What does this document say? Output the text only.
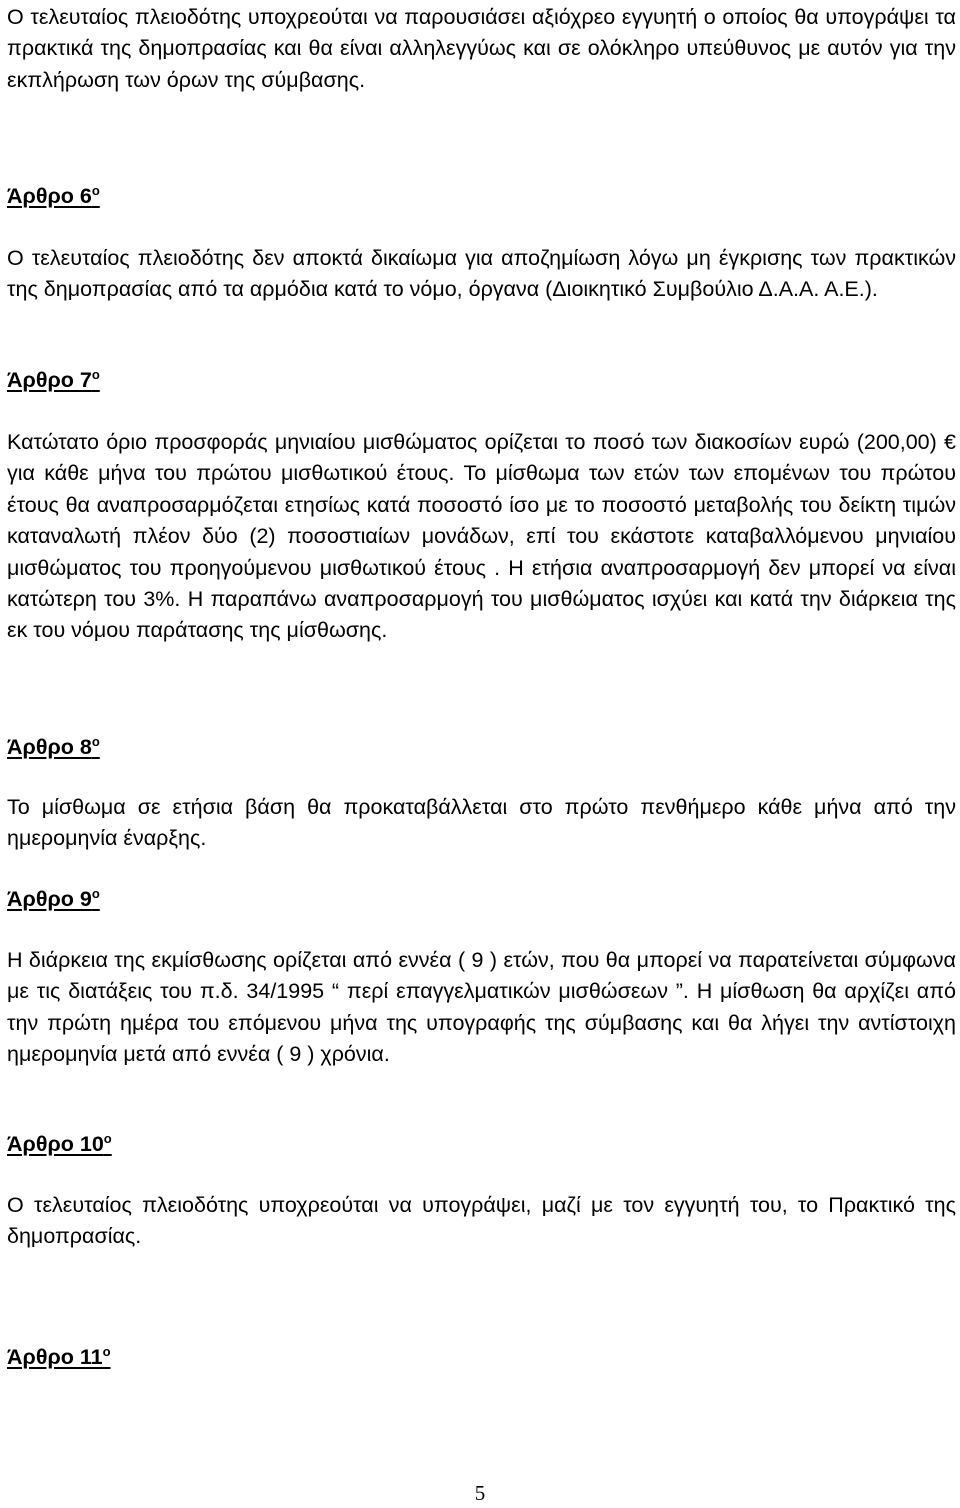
Ο τελευταίος πλειοδότης υποχρεούται να παρουσιάσει αξιόχρεο εγγυητή ο οποίος θα υπογράψει τα πρακτικά της δημοπρασίας και θα είναι αλληλεγγύως και σε ολόκληρο υπεύθυνος με αυτόν για την εκπλήρωση των όρων της σύμβασης.

Άρθρο $6^o$

Ο τελευταίος πλειοδότης δεν αποκτά δικαίωμα για αποζημίωση λόγω μη έγκρισης των πρακτικών της δημοπρασίας από τα αρμόδια κατά το νόμο, όργανα (Διοικητικό Συμβούλιο Δ.Α.Α. Α.Ε.).

Άρθρο $7^o$

Κατώτατο όριο προσφοράς μηνιαίου μισθώματος ορίζεται το ποσό των διακοσίων ευρώ (200,00) € για κάθε μήνα του πρώτου μισθωτικού έτους. Το μίσθωμα των ετών των επομένων του πρώτου έτους θα αναπροσαρμόζεται ετησίως κατά ποσοστό ίσο με το ποσοστό μεταβολής του δείκτη τιμών καταναλωτή πλέον δύο (2) ποσοστιαίων μονάδων, επί του εκάστοτε καταβαλλόμενου μηνιαίου μισθώματος του προηγούμενου μισθωτικού έτους . Η ετήσια αναπροσαρμογή δεν μπορεί να είναι κατώτερη του 3%. Η παραπάνω αναπροσαρμογή του μισθώματος ισχύει και κατά την διάρκεια της εκ του νόμου παράτασης της μίσθωσης.

Άρθρο $8^o$

Το μίσθωμα σε ετήσια βάση θα προκαταβάλλεται στο πρώτο πενθήμερο κάθε μήνα από την ημερομηνία έναρξης.

Άρθρο $9^o$

Η διάρκεια της εκμίσθωσης ορίζεται από εννέα ( 9 ) ετών, που θα μπορεί να παρατείνεται σύμφωνα με τις διατάξεις του π.δ. 34/1995 “ περί επαγγελματικών μισθώσεων ”. Η μίσθωση θα αρχίζει από την πρώτη ημέρα του επόμενου μήνα της υπογραφής της σύμβασης και θα λήγει την αντίστοιχη ημερομηνία μετά από εννέα ( 9 ) χρόνια.

Άρθρο $10^o$

Ο τελευταίος πλειοδότης υποχρεούται να υπογράψει, μαζί με τον εγγυητή του, το Πρακτικό της δημοπρασίας.

Άρθρο $11^o$
5
